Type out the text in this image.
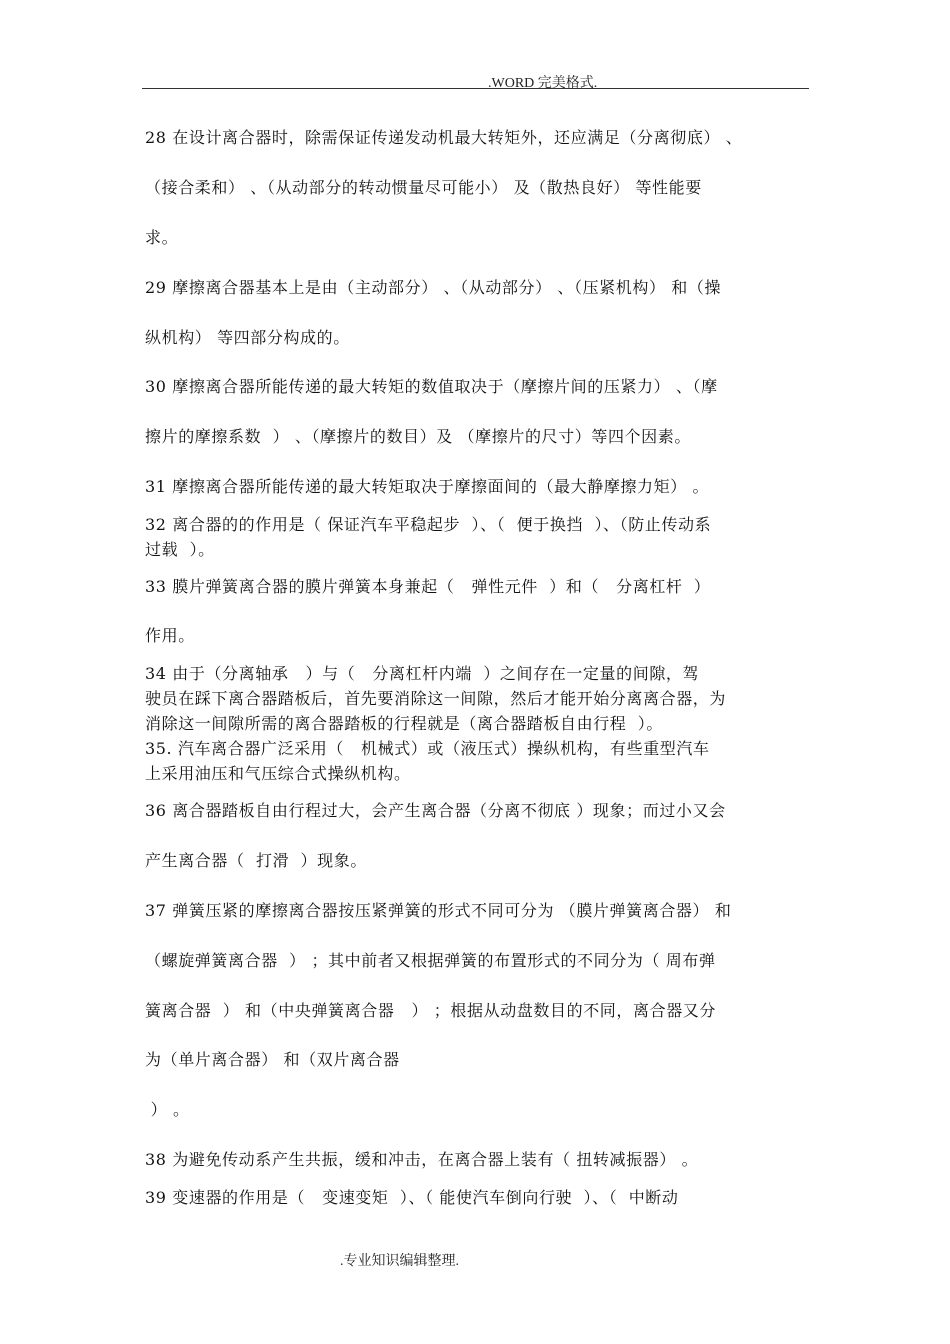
.WORD 完美格式.
28 在设计离合器时，除需保证传递发动机最大转矩外，还应满足（分离彻底） 、
（接合柔和） 、（从动部分的转动惯量尽可能小） 及（散热良好） 等性能要
求。
29 摩擦离合器基本上是由（主动部分） 、（从动部分） 、（压紧机构） 和（操
纵机构） 等四部分构成的。
30 摩擦离合器所能传递的最大转矩的数值取决于（摩擦片间的压紧力） 、（摩
擦片的摩擦系数  ） 、（摩擦片的数目）及 （摩擦片的尺寸）等四个因素。
31 摩擦离合器所能传递的最大转矩取决于摩擦面间的（最大静摩擦力矩） 。
32 离合器的的作用是（ 保证汽车平稳起步  ）、（  便于换挡  ）、（防止传动系
过载  ）。
33 膜片弹簧离合器的膜片弹簧本身兼起（   弹性元件  ）和（   分离杠杆  ）
作用。
34 由于（分离轴承   ）与（   分离杠杆内端  ）之间存在一定量的间隙，驾
驶员在踩下离合器踏板后，首先要消除这一间隙，然后才能开始分离离合器，为
消除这一间隙所需的离合器踏板的行程就是（离合器踏板自由行程  ）。
35. 汽车离合器广泛采用（   机械式）或（液压式）操纵机构，有些重型汽车
上采用油压和气压综合式操纵机构。
36 离合器踏板自由行程过大，会产生离合器（分离不彻底 ）现象；而过小又会
产生离合器（  打滑  ）现象。
37 弹簧压紧的摩擦离合器按压紧弹簧的形式不同可分为 （膜片弹簧离合器） 和
（螺旋弹簧离合器  ） ；其中前者又根据弹簧的布置形式的不同分为（ 周布弹
簧离合器  ） 和（中央弹簧离合器   ） ；根据从动盘数目的不同，离合器又分
为（单片离合器） 和（双片离合器
） 。
38 为避免传动系产生共振，缓和冲击，在离合器上装有（ 扭转减振器） 。
39 变速器的作用是（   变速变矩  ）、（ 能使汽车倒向行驶  ）、（  中断动
.专业知识编辑整理.
